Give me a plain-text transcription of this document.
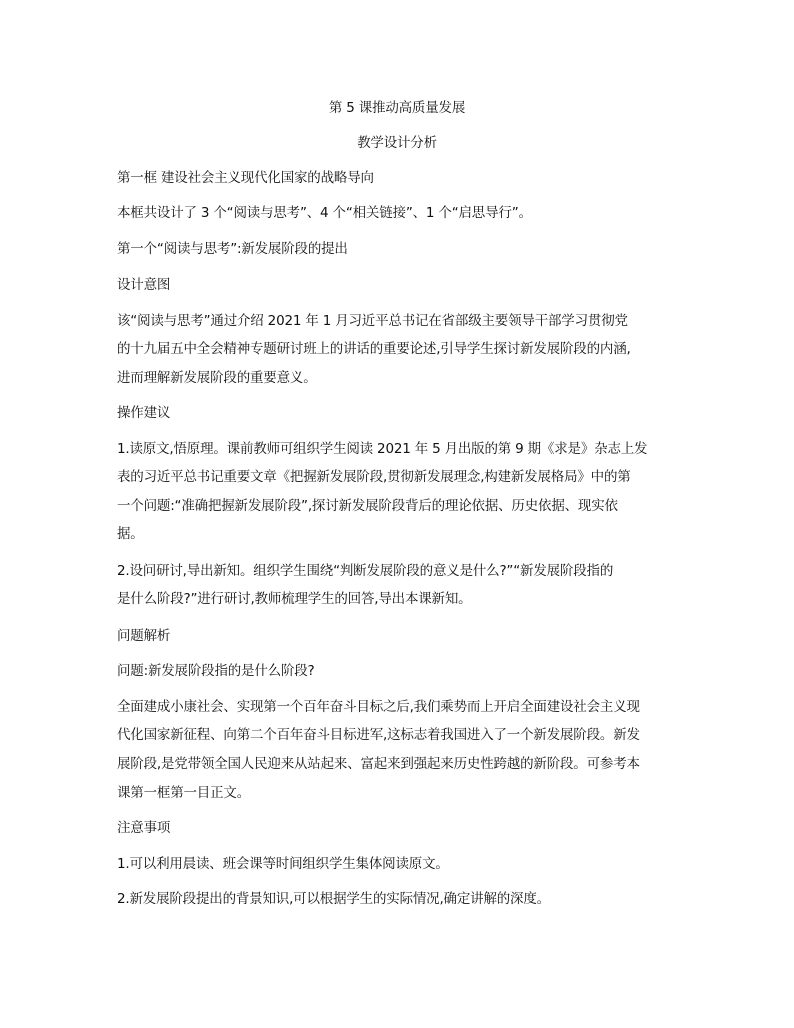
第 5 课推动高质量发展
教学设计分析
第一框 建设社会主义现代化国家的战略导向
本框共设计了 3 个“阅读与思考”、4 个“相关链接”、1 个“启思导行”。
第一个“阅读与思考”:新发展阶段的提出
设计意图
该“阅读与思考”通过介绍 2021 年 1 月习近平总书记在省部级主要领导干部学习贯彻党
的十九届五中全会精神专题研讨班上的讲话的重要论述,引导学生探讨新发展阶段的内涵,
进而理解新发展阶段的重要意义。
操作建议
1.读原文,悟原理。课前教师可组织学生阅读 2021 年 5 月出版的第 9 期《求是》杂志上发
表的习近平总书记重要文章《把握新发展阶段,贯彻新发展理念,构建新发展格局》中的第
一个问题:“准确把握新发展阶段”,探讨新发展阶段背后的理论依据、历史依据、现实依
据。
2.设问研讨,导出新知。组织学生围绕“判断发展阶段的意义是什么?”“新发展阶段指的
是什么阶段?”进行研讨,教师梳理学生的回答,导出本课新知。
问题解析
问题:新发展阶段指的是什么阶段?
全面建成小康社会、实现第一个百年奋斗目标之后,我们乘势而上开启全面建设社会主义现
代化国家新征程、向第二个百年奋斗目标进军,这标志着我国进入了一个新发展阶段。新发
展阶段,是党带领全国人民迎来从站起来、富起来到强起来历史性跨越的新阶段。可参考本
课第一框第一目正文。
注意事项
1.可以利用晨读、班会课等时间组织学生集体阅读原文。
2.新发展阶段提出的背景知识,可以根据学生的实际情况,确定讲解的深度。
